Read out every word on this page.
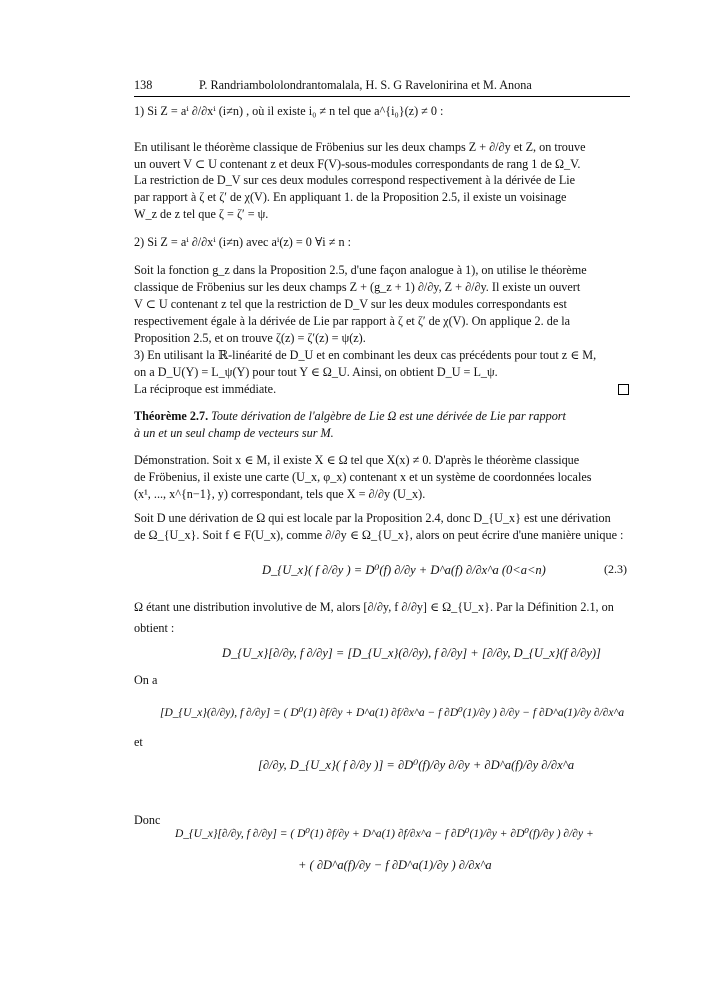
138	P. Randriambololondrantomalala, H. S. G Ravelonirina et M. Anona
1) Si Z = aⁱ ∂/∂xⁱ (i≠n) , où il existe i₀ ≠ n tel que a^{i₀}(z) ≠ 0 :
En utilisant le théorème classique de Fröbenius sur les deux champs Z + ∂/∂y et Z, on trouve
un ouvert V ⊂ U contenant z et deux F(V)-sous-modules correspondants de rang 1 de Ω_V.
La restriction de D_V sur ces deux modules correspond respectivement à la dérivée de Lie
par rapport à ζ et ζ′ de χ(V). En appliquant 1. de la Proposition 2.5, il existe un voisinage
W_z de z tel que ζ = ζ′ = ψ.
2) Si Z = aⁱ ∂/∂xⁱ (i≠n) avec aⁱ(z) = 0 ∀i ≠ n :
Soit la fonction g_z dans la Proposition 2.5, d'une façon analogue à 1), on utilise le théorème
classique de Fröbenius sur les deux champs Z + (g_z + 1) ∂/∂y, Z + ∂/∂y. Il existe un ouvert
V ⊂ U contenant z tel que la restriction de D_V sur les deux modules correspondants est
respectivement égale à la dérivée de Lie par rapport à ζ et ζ′ de χ(V). On applique 2. de la
Proposition 2.5, et on trouve ζ(z) = ζ′(z) = ψ(z).
3) En utilisant la ℝ-linéarité de D_U et en combinant les deux cas précédents pour tout z ∈ M,
on a D_U(Y) = L_ψ(Y) pour tout Y ∈ Ω_U. Ainsi, on obtient D_U = L_ψ.
La réciproque est immédiate.
Théorème 2.7. Toute dérivation de l'algèbre de Lie Ω est une dérivée de Lie par rapport
à un et un seul champ de vecteurs sur M.
Démonstration. Soit x ∈ M, il existe X ∈ Ω tel que X(x) ≠ 0. D'après le théorème classique
de Fröbenius, il existe une carte (U_x, φ_x) contenant x et un système de coordonnées locales
(x¹, ..., x^{n−1}, y) correspondant, tels que X = ∂/∂y (U_x).
Soit D une dérivation de Ω qui est locale par la Proposition 2.4, donc D_{U_x} est une dérivation
de Ω_{U_x}. Soit f ∈ F(U_x), comme ∂/∂y ∈ Ω_{U_x}, alors on peut écrire d'une manière unique :
D_{U_x}( f ∂/∂y ) = D⁰(f) ∂/∂y + D^a(f) ∂/∂x^a (0<a<n)	(2.3)
Ω étant une distribution involutive de M, alors [∂/∂y, f ∂/∂y] ∈ Ω_{U_x}. Par la Définition 2.1, on
obtient :
D_{U_x}[∂/∂y, f ∂/∂y] = [D_{U_x}(∂/∂y), f ∂/∂y] + [∂/∂y, D_{U_x}(f ∂/∂y)]
On a
[D_{U_x}(∂/∂y), f ∂/∂y] = ( D⁰(1) ∂f/∂y + D^a(1) ∂f/∂x^a − f ∂D⁰(1)/∂y ) ∂/∂y − f ∂D^a(1)/∂y ∂/∂x^a
et
[∂/∂y, D_{U_x}( f ∂/∂y )] = ∂D⁰(f)/∂y ∂/∂y + ∂D^a(f)/∂y ∂/∂x^a
Donc
D_{U_x}[∂/∂y, f ∂/∂y] = ( D⁰(1) ∂f/∂y + D^a(1) ∂f/∂x^a − f ∂D⁰(1)/∂y + ∂D⁰(f)/∂y ) ∂/∂y +
+ ( ∂D^a(f)/∂y − f ∂D^a(1)/∂y ) ∂/∂x^a
